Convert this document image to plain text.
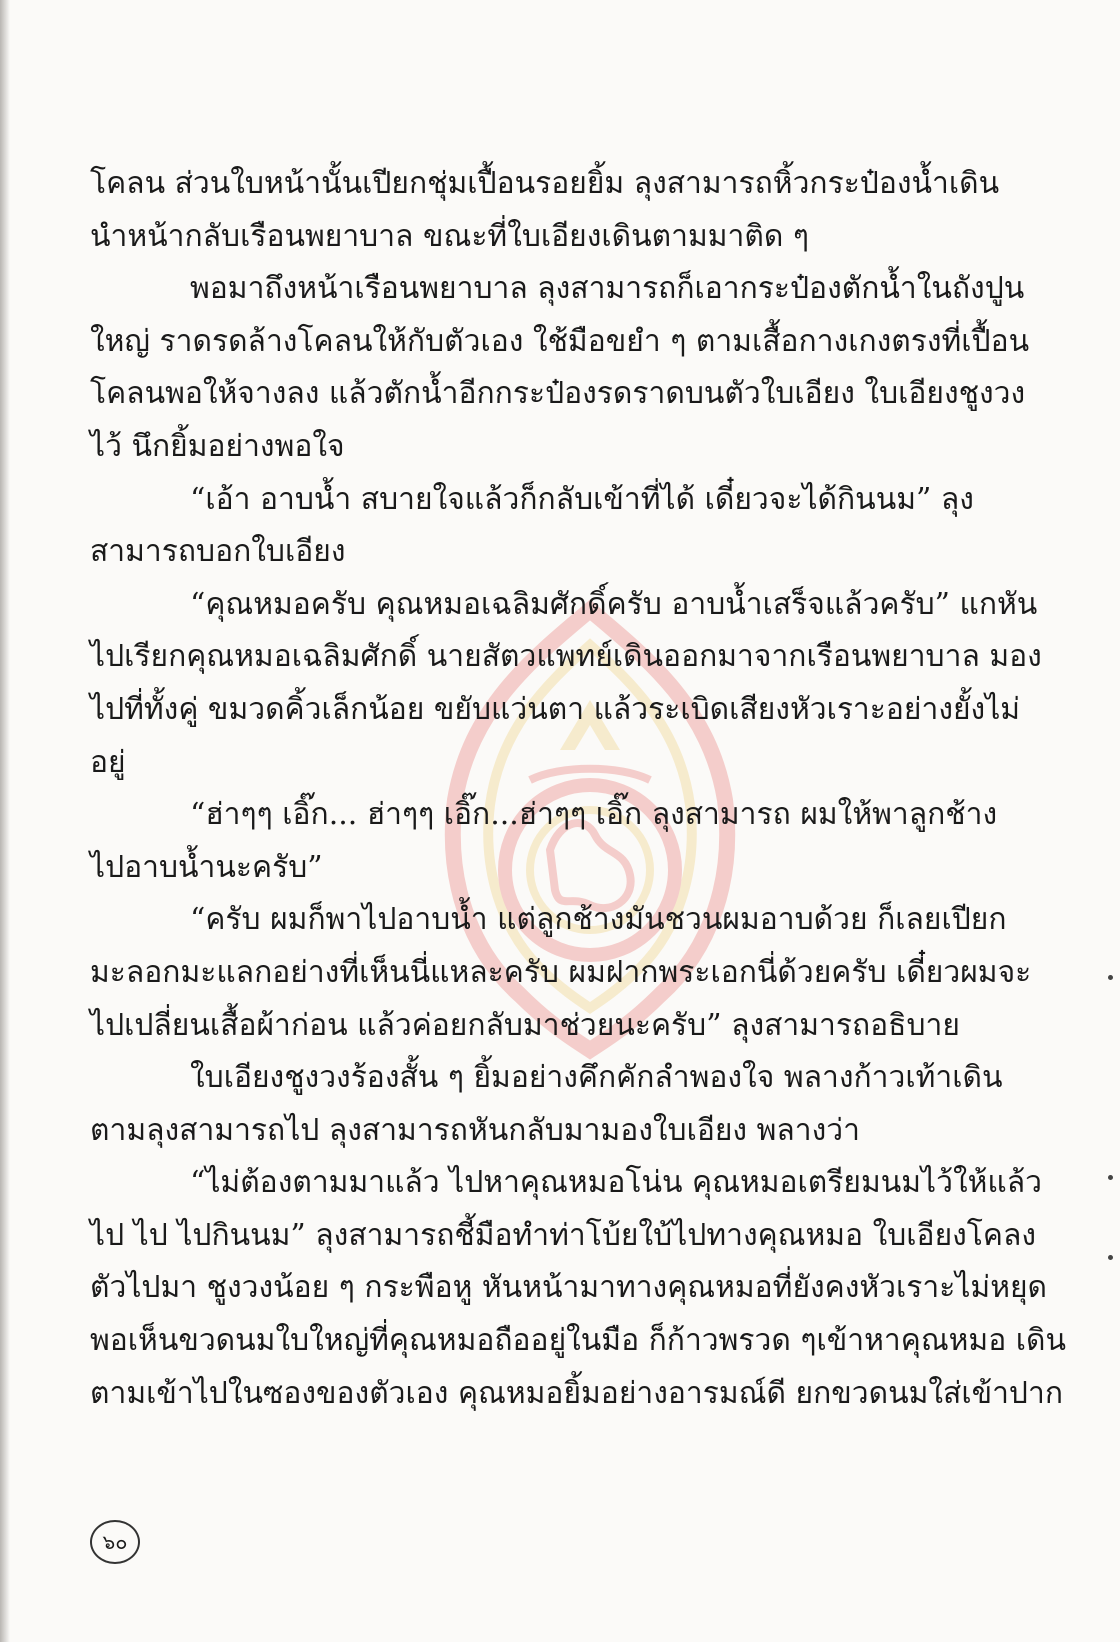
โคลน ส่วนใบหน้านั้นเปียกชุ่มเปื้อนรอยยิ้ม ลุงสามารถหิ้วกระป๋องน้ำเดิน
นำหน้ากลับเรือนพยาบาล ขณะที่ใบเอียงเดินตามมาติด ๆ
พอมาถึงหน้าเรือนพยาบาล ลุงสามารถก็เอากระป๋องตักน้ำในถังปูน
ใหญ่ ราดรดล้างโคลนให้กับตัวเอง ใช้มือขยำ ๆ ตามเสื้อกางเกงตรงที่เปื้อน
โคลนพอให้จางลง แล้วตักน้ำอีกกระป๋องรดราดบนตัวใบเอียง ใบเอียงชูงวง
ไว้ นึกยิ้มอย่างพอใจ
“เอ้า อาบน้ำ สบายใจแล้วก็กลับเข้าที่ได้ เดี๋ยวจะได้กินนม” ลุง
สามารถบอกใบเอียง
“คุณหมอครับ คุณหมอเฉลิมศักดิ์ครับ อาบน้ำเสร็จแล้วครับ” แกหัน
ไปเรียกคุณหมอเฉลิมศักดิ์ นายสัตวแพทย์เดินออกมาจากเรือนพยาบาล มอง
ไปที่ทั้งคู่ ขมวดคิ้วเล็กน้อย ขยับแว่นตา แล้วระเบิดเสียงหัวเราะอย่างยั้งไม่
อยู่
“ฮ่าๆๆ เอิ๊ก... ฮ่าๆๆ เอิ๊ก...ฮ่าๆๆ เอิ๊ก ลุงสามารถ ผมให้พาลูกช้าง
ไปอาบน้ำนะครับ”
“ครับ ผมก็พาไปอาบน้ำ แต่ลูกช้างมันชวนผมอาบด้วย ก็เลยเปียก
มะลอกมะแลกอย่างที่เห็นนี่แหละครับ ผมฝากพระเอกนี่ด้วยครับ เดี๋ยวผมจะ
ไปเปลี่ยนเสื้อผ้าก่อน แล้วค่อยกลับมาช่วยนะครับ” ลุงสามารถอธิบาย
ใบเอียงชูงวงร้องสั้น ๆ ยิ้มอย่างคึกคักลำพองใจ พลางก้าวเท้าเดิน
ตามลุงสามารถไป ลุงสามารถหันกลับมามองใบเอียง พลางว่า
“ไม่ต้องตามมาแล้ว ไปหาคุณหมอโน่น คุณหมอเตรียมนมไว้ให้แล้ว
ไป ไป ไปกินนม” ลุงสามารถชี้มือทำท่าโบ้ยใบ้ไปทางคุณหมอ ใบเอียงโคลง
ตัวไปมา ชูงวงน้อย ๆ กระพือหู หันหน้ามาทางคุณหมอที่ยังคงหัวเราะไม่หยุด
พอเห็นขวดนมใบใหญ่ที่คุณหมอถืออยู่ในมือ ก็ก้าวพรวด ๆเข้าหาคุณหมอ เดิน
ตามเข้าไปในซองของตัวเอง คุณหมอยิ้มอย่างอารมณ์ดี ยกขวดนมใส่เข้าปาก
๖๐
